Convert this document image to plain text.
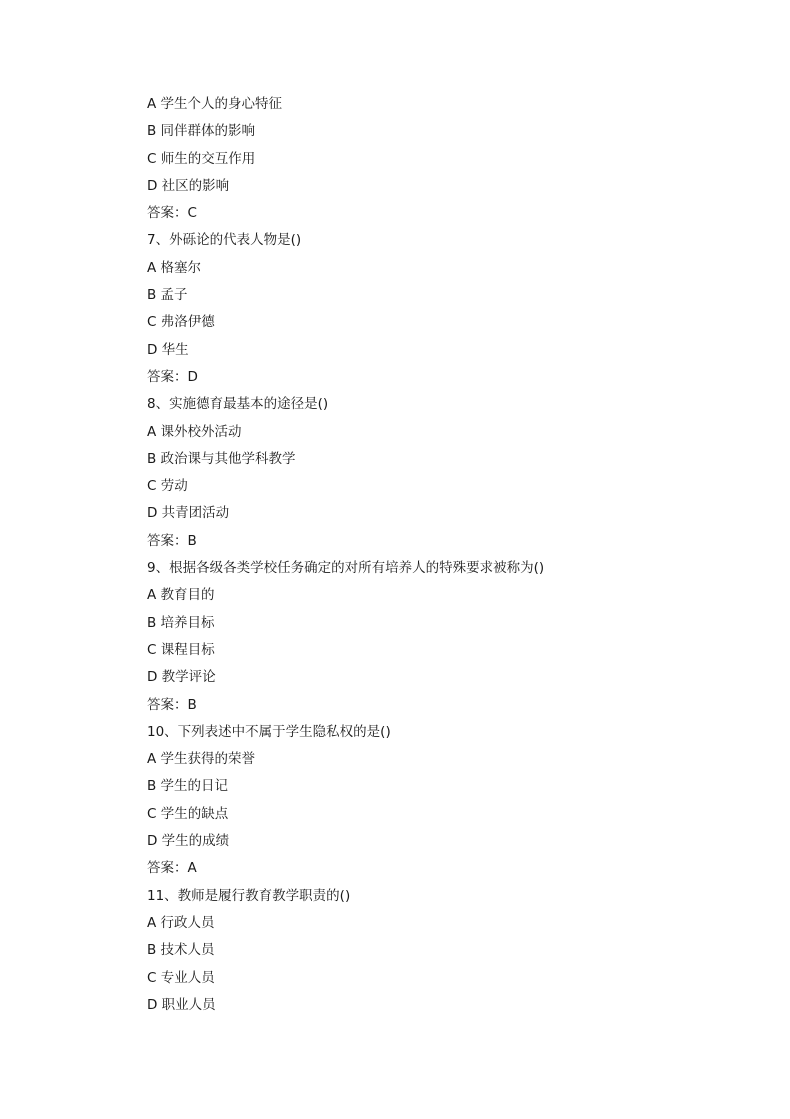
A 学生个人的身心特征
B 同伴群体的影响
C 师生的交互作用
D 社区的影响
答案：C
7、外砾论的代表人物是()
A 格塞尔
B 孟子
C 弗洛伊德
D 华生
答案：D
8、实施德育最基本的途径是()
A 课外校外活动
B 政治课与其他学科教学
C 劳动
D 共青团活动
答案：B
9、根据各级各类学校任务确定的对所有培养人的特殊要求被称为()
A 教育目的
B 培养目标
C 课程目标
D 教学评论
答案：B
10、下列表述中不属于学生隐私权的是()
A 学生获得的荣誉
B 学生的日记
C 学生的缺点
D 学生的成绩
答案：A
11、教师是履行教育教学职责的()
A 行政人员
B 技术人员
C 专业人员
D 职业人员
